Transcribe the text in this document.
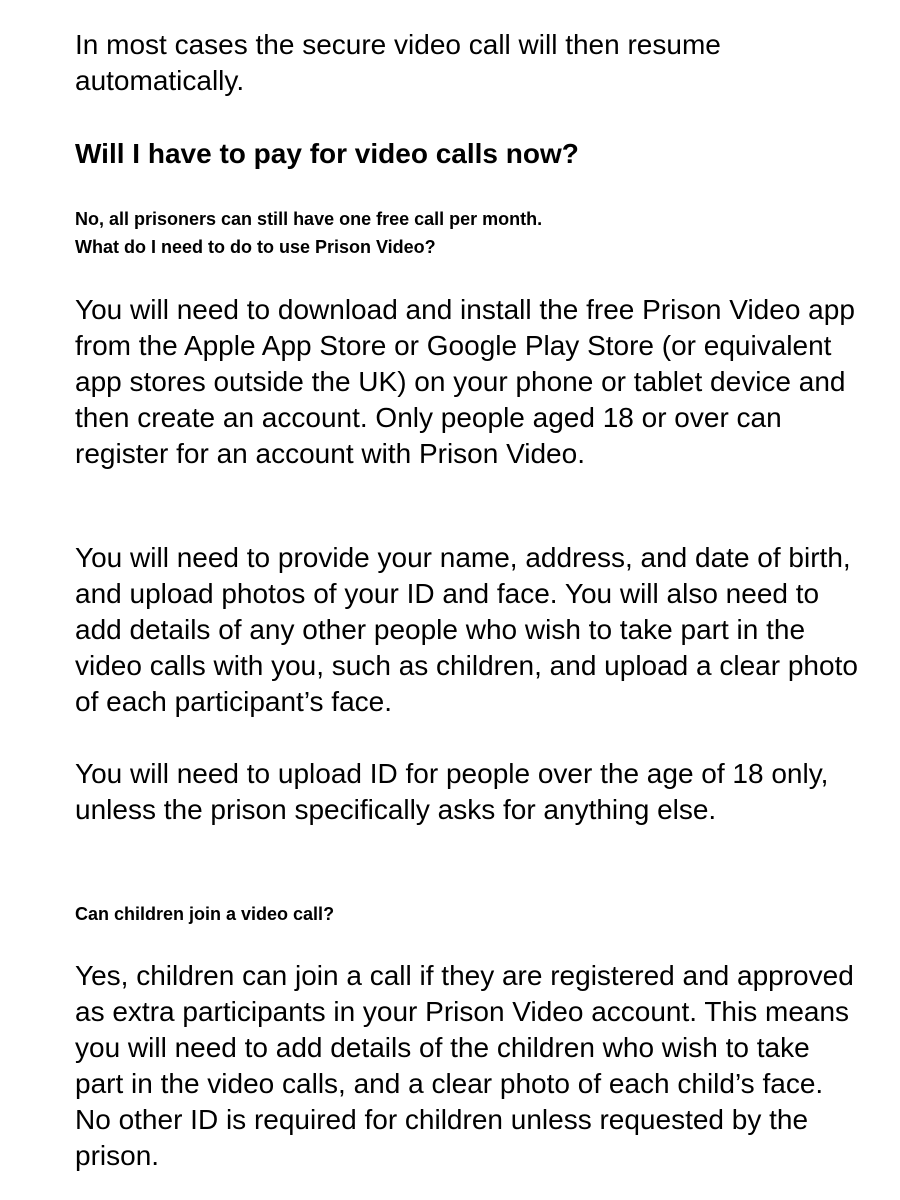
In most cases the secure video call will then resume automatically.

Will I have to pay for video calls now?

No, all prisoners can still have one free call per month.

What do I need to do to use Prison Video?

You will need to download and install the free Prison Video app from the Apple App Store or Google Play Store (or equivalent app stores outside the UK) on your phone or tablet device and then create an account. Only people aged 18 or over can register for an account with Prison Video.

You will need to provide your name, address, and date of birth, and upload photos of your ID and face. You will also need to add details of any other people who wish to take part in the video calls with you, such as children, and upload a clear photo of each participant’s face.

You will need to upload ID for people over the age of 18 only, unless the prison specifically asks for anything else.

Can children join a video call?

Yes, children can join a call if they are registered and approved as extra participants in your Prison Video account. This means you will need to add details of the children who wish to take part in the video calls, and a clear photo of each child’s face. No other ID is required for children unless requested by the prison.
